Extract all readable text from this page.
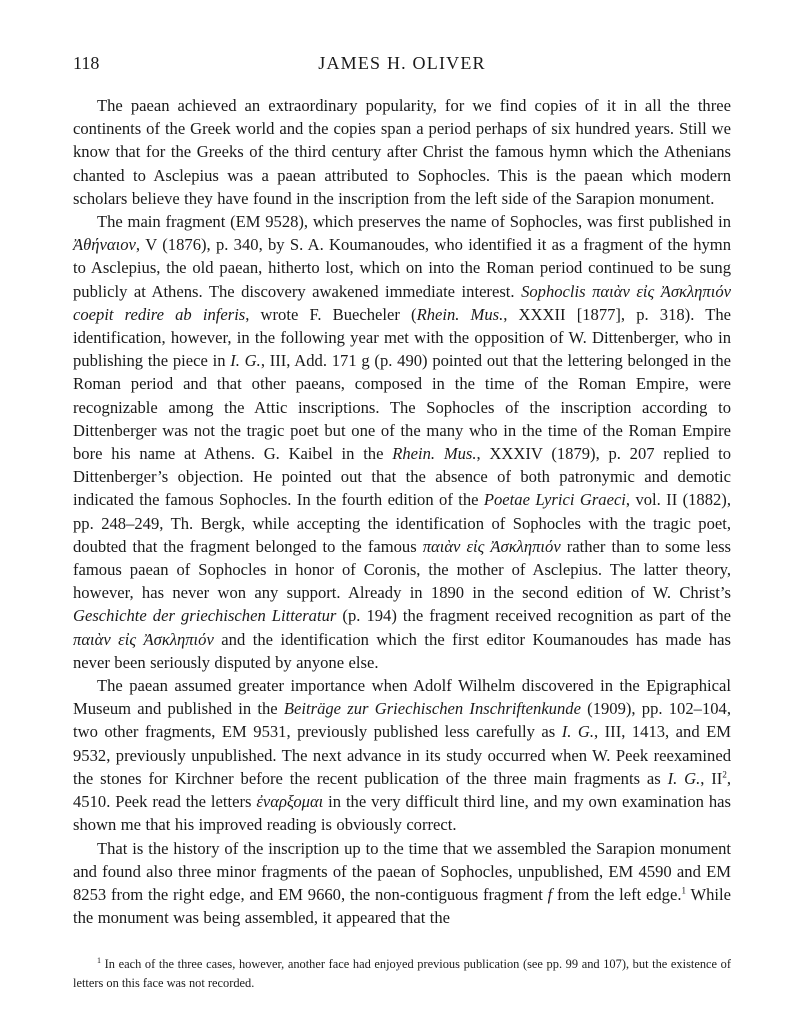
118	JAMES H. OLIVER

The paean achieved an extraordinary popularity, for we find copies of it in all the three continents of the Greek world and the copies span a period perhaps of six hundred years. Still we know that for the Greeks of the third century after Christ the famous hymn which the Athenians chanted to Asclepius was a paean attributed to Sophocles. This is the paean which modern scholars believe they have found in the inscription from the left side of the Sarapion monument.

The main fragment (EM 9528), which preserves the name of Sophocles, was first published in Ἀθήναιον, V (1876), p. 340, by S. A. Koumanoudes, who identified it as a fragment of the hymn to Asclepius, the old paean, hitherto lost, which on into the Roman period continued to be sung publicly at Athens. The discovery awakened immediate interest. Sophoclis παιὰν εἰς Ἀσκληπιόν coepit redire ab inferis, wrote F. Buecheler (Rhein. Mus., XXXII [1877], p. 318). The identification, however, in the following year met with the opposition of W. Dittenberger, who in publishing the piece in I. G., III, Add. 171 g (p. 490) pointed out that the lettering belonged in the Roman period and that other paeans, composed in the time of the Roman Empire, were recognizable among the Attic inscriptions. The Sophocles of the inscription according to Dittenberger was not the tragic poet but one of the many who in the time of the Roman Empire bore his name at Athens. G. Kaibel in the Rhein. Mus., XXXIV (1879), p. 207 replied to Dittenberger’s objection. He pointed out that the absence of both patronymic and demotic indicated the famous Sophocles. In the fourth edition of the Poetae Lyrici Graeci, vol. II (1882), pp. 248–249, Th. Bergk, while accepting the identification of Sophocles with the tragic poet, doubted that the fragment belonged to the famous παιὰν εἰς Ἀσκληπιόν rather than to some less famous paean of Sophocles in honor of Coronis, the mother of Asclepius. The latter theory, however, has never won any support. Already in 1890 in the second edition of W. Christ’s Geschichte der griechischen Litteratur (p. 194) the fragment received recognition as part of the παιὰν εἰς Ἀσκληπιόν and the identification which the first editor Koumanoudes has made has never been seriously disputed by anyone else.

The paean assumed greater importance when Adolf Wilhelm discovered in the Epigraphical Museum and published in the Beiträge zur Griechischen Inschriftenkunde (1909), pp. 102–104, two other fragments, EM 9531, previously published less carefully as I. G., III, 1413, and EM 9532, previously unpublished. The next advance in its study occurred when W. Peek reexamined the stones for Kirchner before the recent publication of the three main fragments as I. G., $II^2$, 4510. Peek read the letters ἐναρξομαι in the very difficult third line, and my own examination has shown me that his improved reading is obviously correct.

That is the history of the inscription up to the time that we assembled the Sarapion monument and found also three minor fragments of the paean of Sophocles, unpublished, EM 4590 and EM 8253 from the right edge, and EM 9660, the non-contiguous fragment f from the left edge.$^1$ While the monument was being assembled, it appeared that the

$^1$ In each of the three cases, however, another face had enjoyed previous publication (see pp. 99 and 107), but the existence of letters on this face was not recorded.
